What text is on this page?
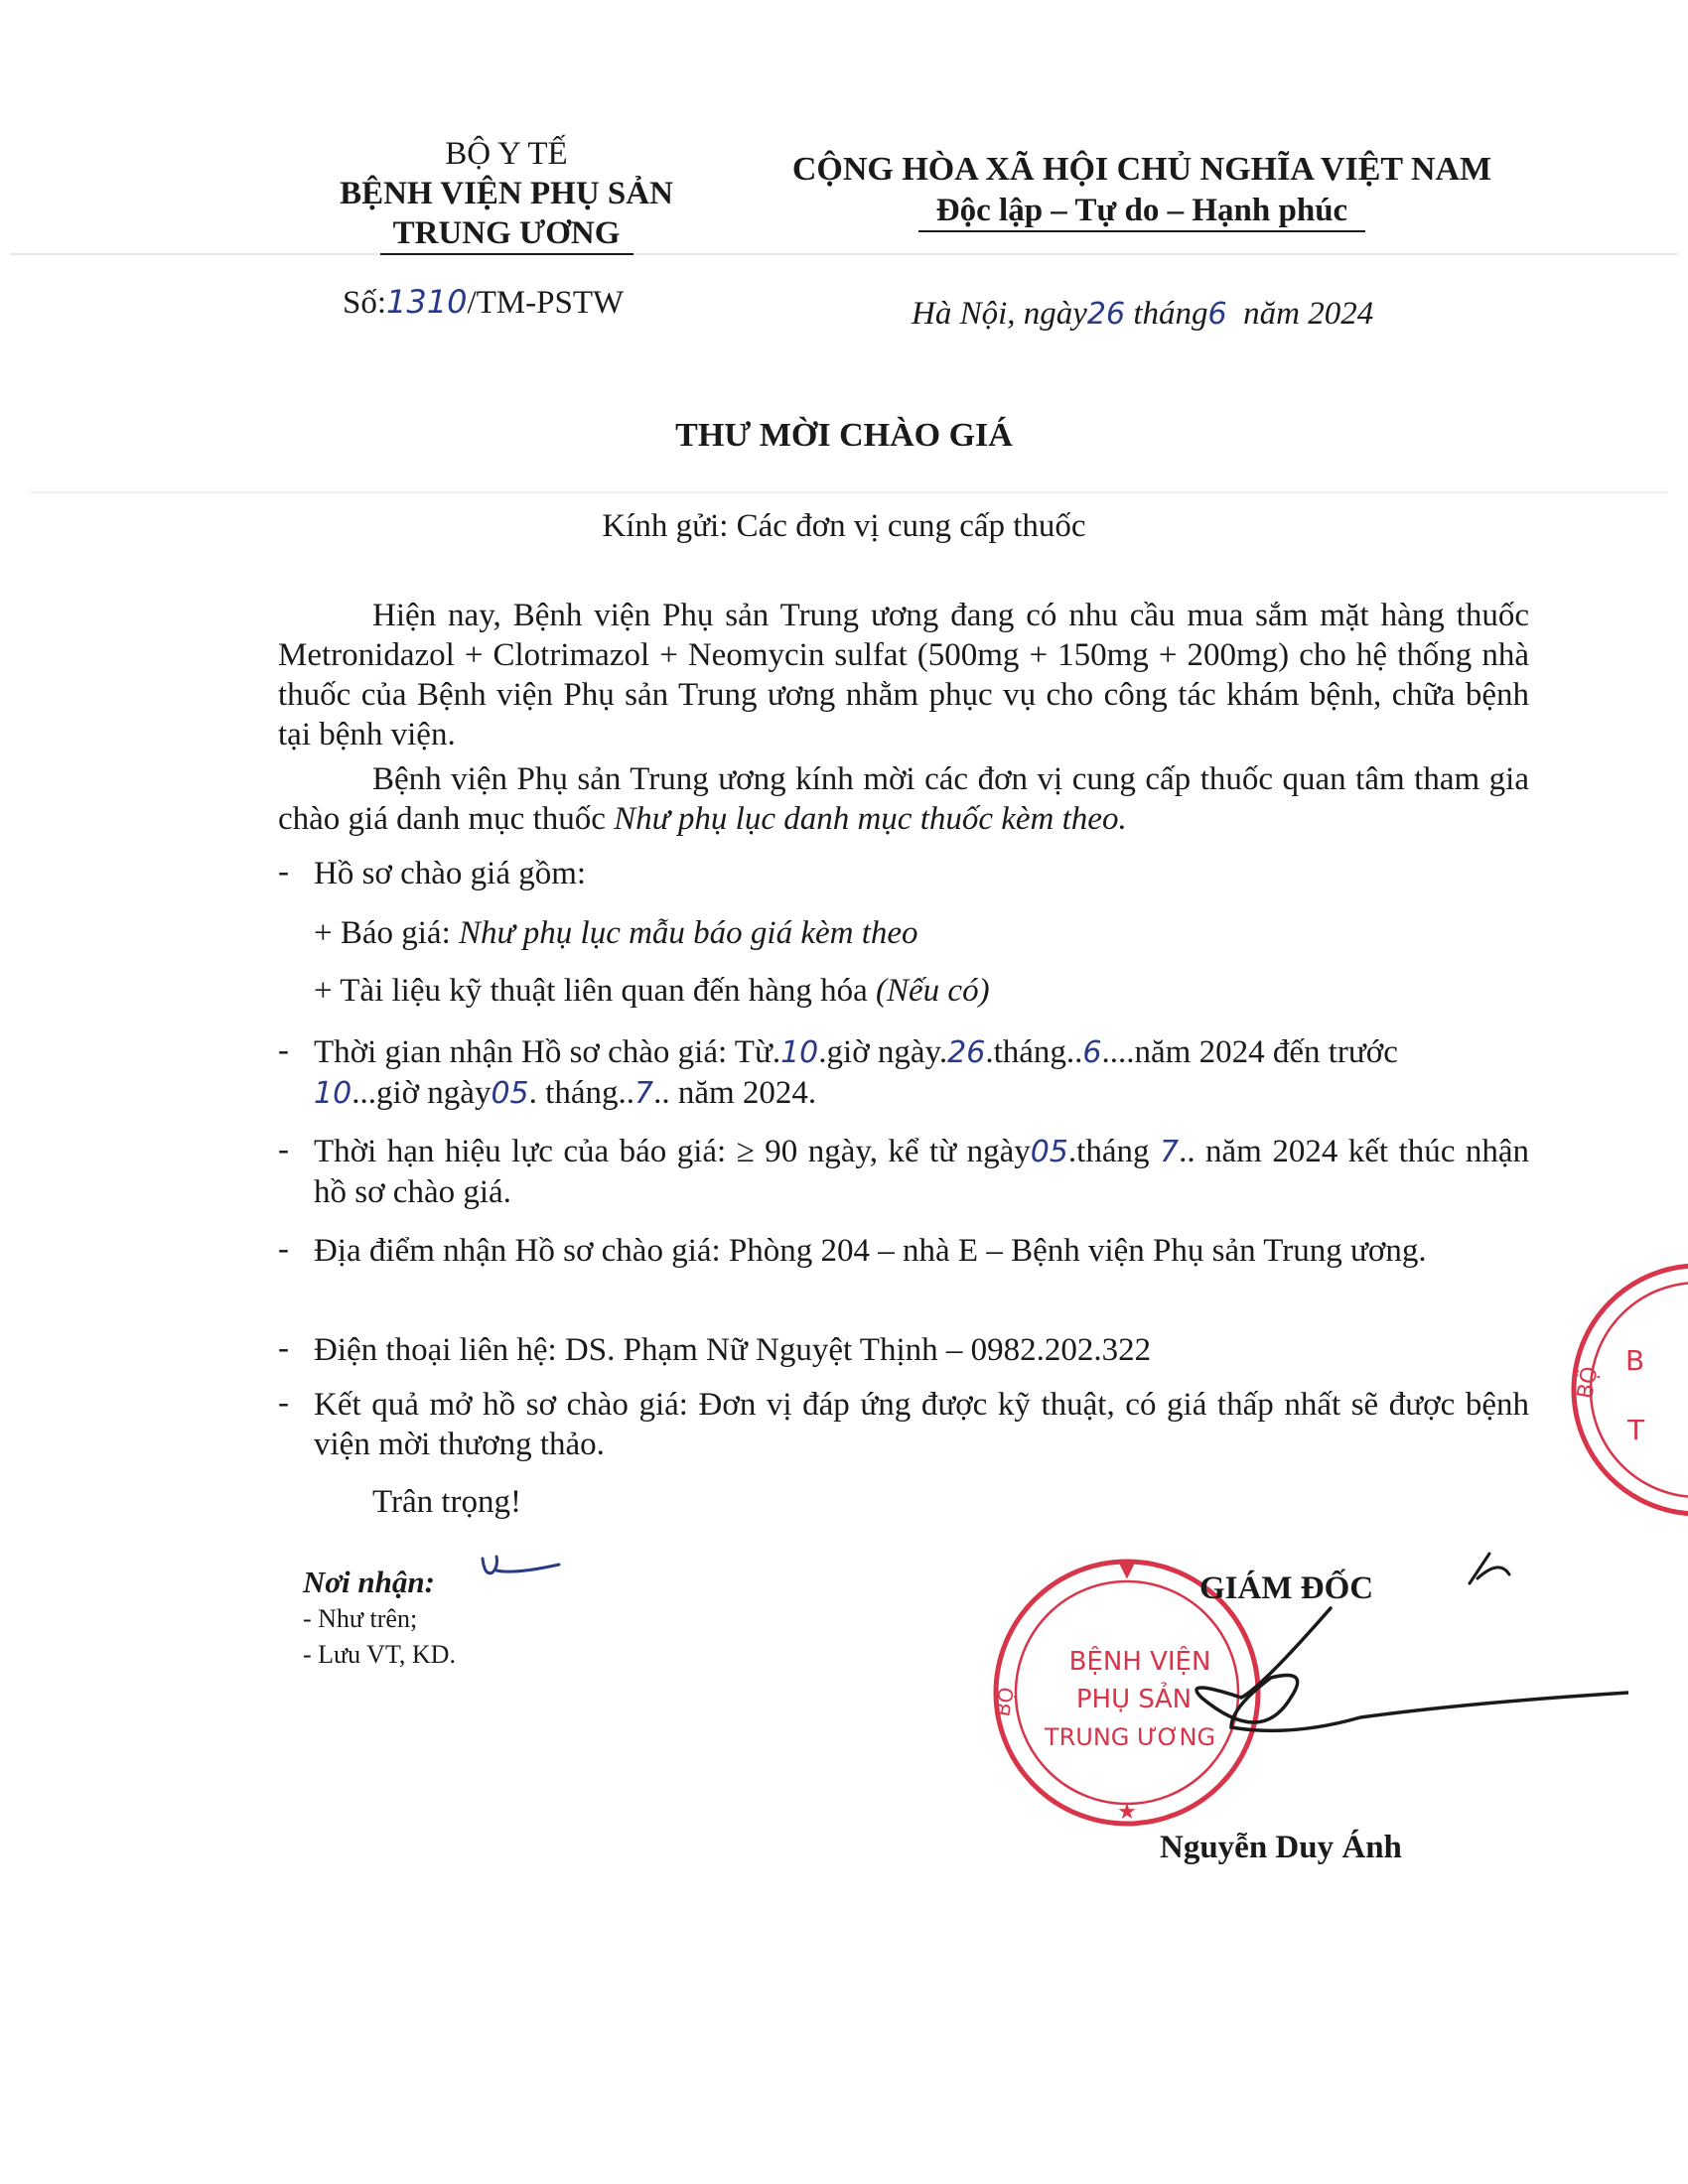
BỘ Y TẾ
BỆNH VIỆN PHỤ SẢN
TRUNG ƯƠNG
Số:1310/TM-PSTW
CỘNG HÒA XÃ HỘI CHỦ NGHĨA VIỆT NAM
Độc lập – Tự do – Hạnh phúc
Hà Nội, ngày26 tháng6 năm 2024
THƯ MỜI CHÀO GIÁ
Kính gửi: Các đơn vị cung cấp thuốc
Hiện nay, Bệnh viện Phụ sản Trung ương đang có nhu cầu mua sắm mặt hàng thuốc Metronidazol + Clotrimazol + Neomycin sulfat (500mg + 150mg + 200mg) cho hệ thống nhà thuốc của Bệnh viện Phụ sản Trung ương nhằm phục vụ cho công tác khám bệnh, chữa bệnh tại bệnh viện.
Bệnh viện Phụ sản Trung ương kính mời các đơn vị cung cấp thuốc quan tâm tham gia chào giá danh mục thuốc Như phụ lục danh mục thuốc kèm theo.
- Hồ sơ chào giá gồm:
+ Báo giá: Như phụ lục mẫu báo giá kèm theo
+ Tài liệu kỹ thuật liên quan đến hàng hóa (Nếu có)
- Thời gian nhận Hồ sơ chào giá: Từ.10.giờ ngày.26.tháng..6....năm 2024 đến trước
10...giờ ngày05. tháng..7.. năm 2024.
- Thời hạn hiệu lực của báo giá: ≥ 90 ngày, kể từ ngày05.tháng 7.. năm 2024 kết thúc nhận hồ sơ chào giá.
- Địa điểm nhận Hồ sơ chào giá: Phòng 204 – nhà E – Bệnh viện Phụ sản Trung ương.
- Điện thoại liên hệ: DS. Phạm Nữ Nguyệt Thịnh – 0982.202.322
- Kết quả mở hồ sơ chào giá: Đơn vị đáp ứng được kỹ thuật, có giá thấp nhất sẽ được bệnh viện mời thương thảo.
Trân trọng!
Nơi nhận:
- Như trên;
- Lưu VT, KD.
BỘ
B
T
▼
★
BỘ
BỆNH VIỆN
PHỤ SẢN
TRUNG ƯƠNG
GIÁM ĐỐC
Nguyễn Duy Ánh
